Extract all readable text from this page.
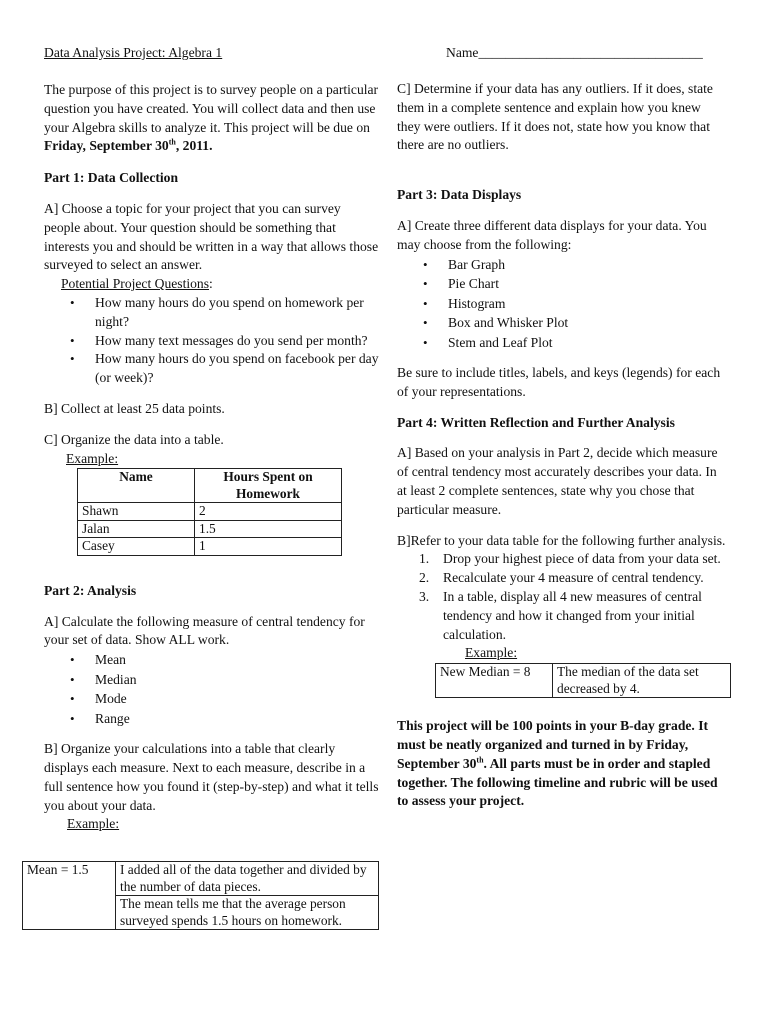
Data Analysis Project: Algebra 1	Name_________________________________

The purpose of this project is to survey people on a particular question you have created. You will collect data and then use your Algebra skills to analyze it. This project will be due on Friday, September 30th, 2011.

Part 1: Data Collection

A] Choose a topic for your project that you can survey people about. Your question should be something that interests you and should be written in a way that allows those surveyed to select an answer.

Potential Project Questions:
• How many hours do you spend on homework per night?
• How many text messages do you send per month?
• How many hours do you spend on facebook per day (or week)?

B] Collect at least 25 data points.

C] Organize the data into a table.

Example:
Name	Hours Spent on Homework
Shawn	2
Jalan	1.5
Casey	1
Part 2: Analysis

A] Calculate the following measure of central tendency for your set of data. Show ALL work.

• Mean
• Median
• Mode
• Range

B] Organize your calculations into a table that clearly displays each measure. Next to each measure, describe in a full sentence how you found it (step-by-step) and what it tells you about your data.

Example:
Mean = 1.5	I added all of the data together and divided by the number of data pieces.
The mean tells me that the average person surveyed spends 1.5 hours on homework.

C] Determine if your data has any outliers. If it does, state them in a complete sentence and explain how you knew they were outliers. If it does not, state how you know that there are no outliers.

Part 3: Data Displays

A] Create three different data displays for your data. You may choose from the following:

• Bar Graph
• Pie Chart
• Histogram
• Box and Whisker Plot
• Stem and Leaf Plot

Be sure to include titles, labels, and keys (legends) for each of your representations.

Part 4: Written Reflection and Further Analysis

A] Based on your analysis in Part 2, decide which measure of central tendency most accurately describes your data. In at least 2 complete sentences, state why you chose that particular measure.

B]Refer to your data table for the following further analysis.

1. Drop your highest piece of data from your data set.
2. Recalculate your 4 measure of central tendency.
3. In a table, display all 4 new measures of central tendency and how it changed from your initial calculation.
Example:
New Median = 8	The median of the data set decreased by 4.

This project will be 100 points in your B-day grade. It must be neatly organized and turned in by Friday, September 30th. All parts must be in order and stapled together. The following timeline and rubric will be used to assess your project.
